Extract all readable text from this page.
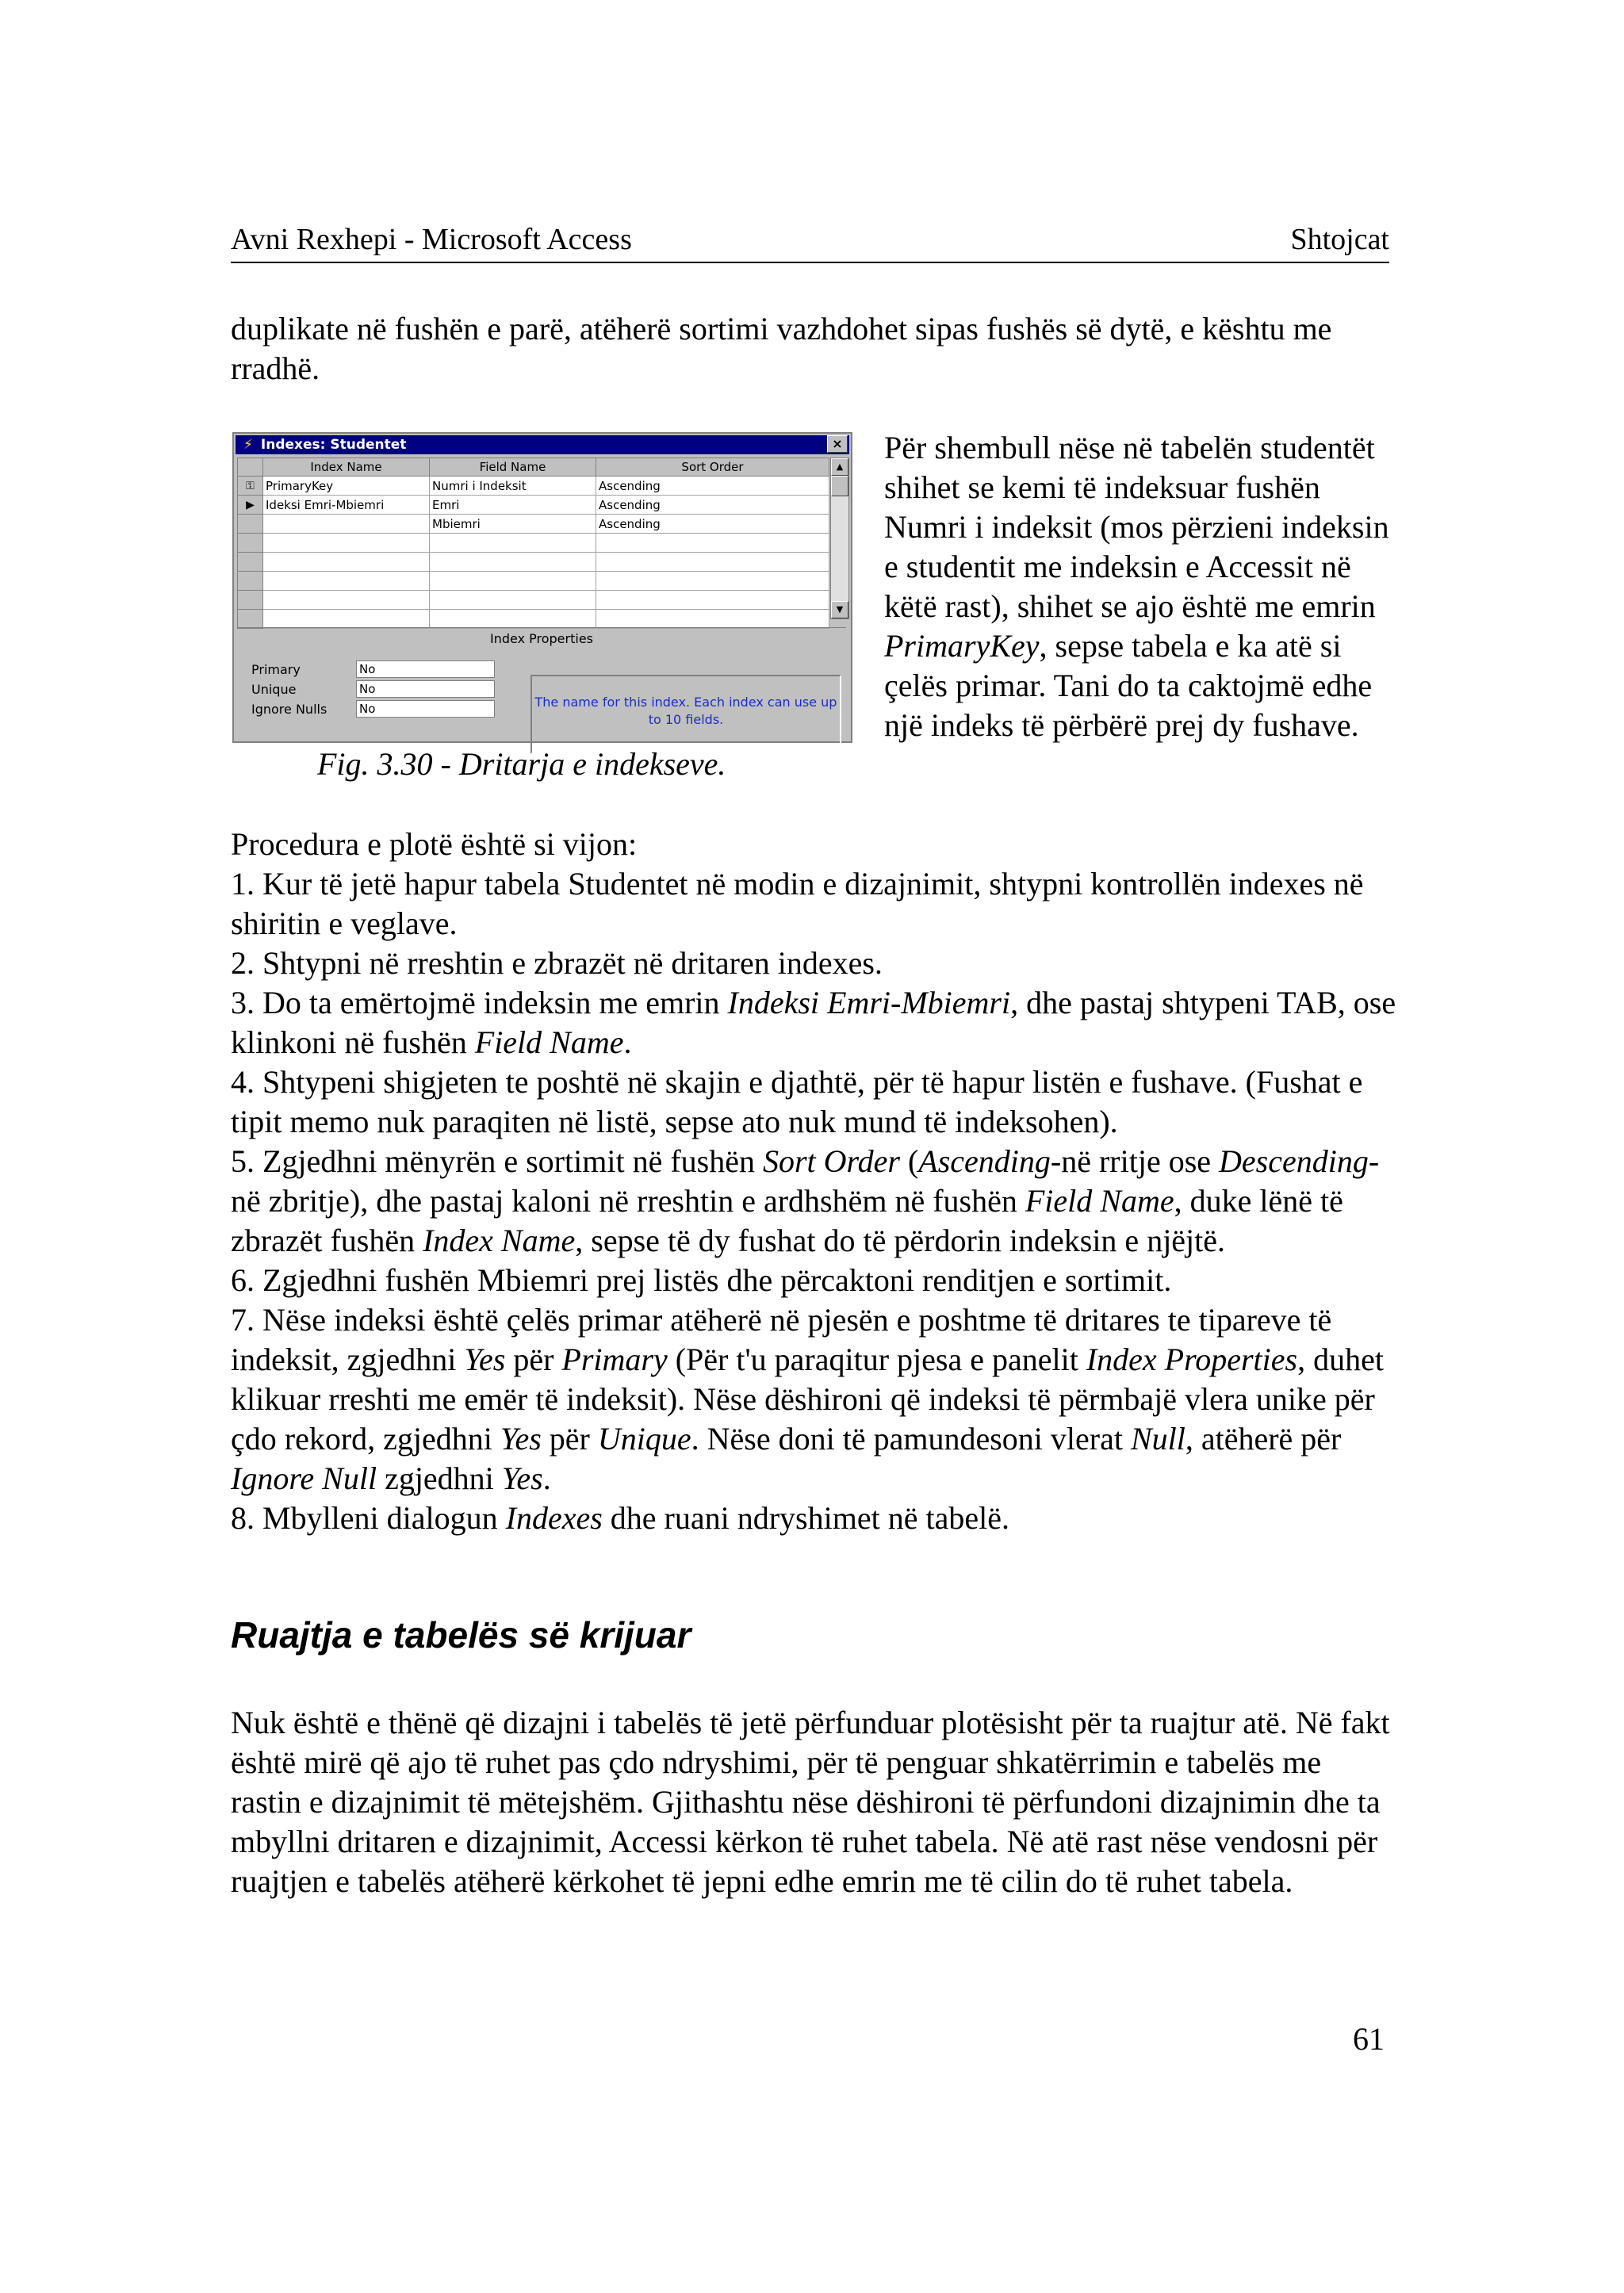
Avni Rexhepi - Microsoft Access	Shtojcat
duplikate në fushën e parë, atëherë sortimi vazhdohet sipas fushës së dytë, e kështu me rradhë.
⚡ Indexes: Studentet	×
	Index Name	Field Name	Sort Order
⚿	PrimaryKey	Numri i Indeksit	Ascending
▶	Ideksi Emri-Mbiemri	Emri	Ascending
		Mbiemri	Ascending

▲
▼
Index Properties
Primary	No
Unique	No
Ignore Nulls	No	The name for this index. Each index can use up to 10 fields.
Fig. 3.30 - Dritarja e indekseve.

Për shembull nëse në tabelën studentët shihet se kemi të indeksuar fushën Numri i indeksit (mos përzieni indeksin e studentit me indeksin e Accessit në këtë rast), shihet se ajo është me emrin PrimaryKey, sepse tabela e ka atë si çelës primar. Tani do ta caktojmë edhe një indeks të përbërë prej dy fushave.

Procedura e plotë është si vijon:

1. Kur të jetë hapur tabela Studentet në modin e dizajnimit, shtypni kontrollën indexes në shiritin e veglave.

2. Shtypni në rreshtin e zbrazët në dritaren indexes.

3. Do ta emërtojmë indeksin me emrin Indeksi Emri-Mbiemri, dhe pastaj shtypeni TAB, ose klinkoni në fushën Field Name.

4. Shtypeni shigjeten te poshtë në skajin e djathtë, për të hapur listën e fushave. (Fushat e tipit memo nuk paraqiten në listë, sepse ato nuk mund të indeksohen).

5. Zgjedhni mënyrën e sortimit në fushën Sort Order (Ascending-në rritje ose Descending-në zbritje), dhe pastaj kaloni në rreshtin e ardhshëm në fushën Field Name, duke lënë të zbrazët fushën Index Name, sepse të dy fushat do të përdorin indeksin e njëjtë.

6. Zgjedhni fushën Mbiemri prej listës dhe përcaktoni renditjen e sortimit.

7. Nëse indeksi është çelës primar atëherë në pjesën e poshtme të dritares te tipareve të indeksit, zgjedhni Yes për Primary (Për t'u paraqitur pjesa e panelit Index Properties, duhet klikuar rreshti me emër të indeksit). Nëse dëshironi që indeksi të përmbajë vlera unike për çdo rekord, zgjedhni Yes për Unique. Nëse doni të pamundesoni vlerat Null, atëherë për Ignore Null zgjedhni Yes.

8. Mbylleni dialogun Indexes dhe ruani ndryshimet në tabelë.

Ruajtja e tabelës së krijuar

Nuk është e thënë që dizajni i tabelës të jetë përfunduar plotësisht për ta ruajtur atë. Në fakt është mirë që ajo të ruhet pas çdo ndryshimi, për të penguar shkatërrimin e tabelës me rastin e dizajnimit të mëtejshëm. Gjithashtu nëse dëshironi të përfundoni dizajnimin dhe ta mbyllni dritaren e dizajnimit, Accessi kërkon të ruhet tabela. Në atë rast nëse vendosni për ruajtjen e tabelës atëherë kërkohet të jepni edhe emrin me të cilin do të ruhet tabela.

61
